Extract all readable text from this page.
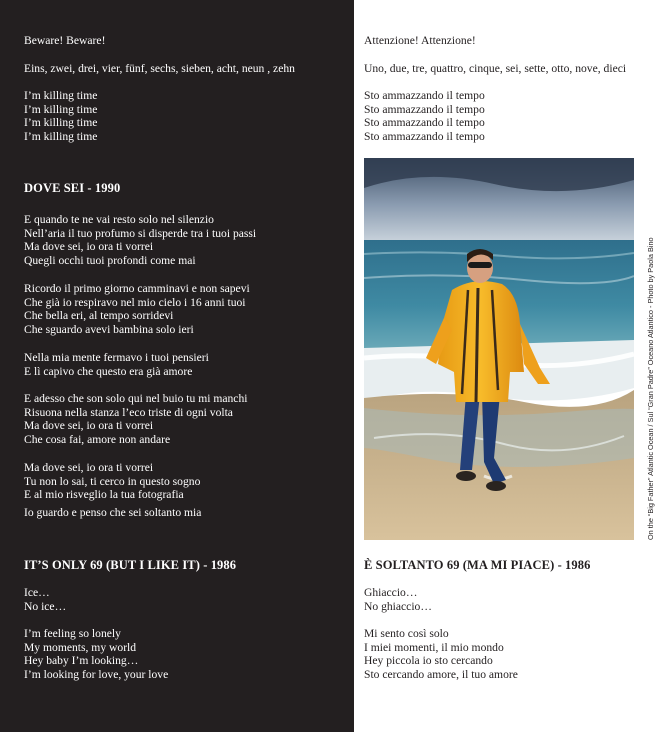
Beware! Beware!
Eins, zwei, drei, vier, fünf, sechs, sieben, acht, neun , zehn
I’m killing time
I’m killing time
I’m killing time
I’m killing time
DOVE SEI - 1990
E quando te ne vai resto solo nel silenzio
Nell’aria il tuo profumo si disperde tra i tuoi passi
Ma dove sei, io ora ti vorrei
Quegli occhi tuoi profondi come mai
Ricordo il primo giorno camminavi e non sapevi
Che già io respiravo nel mio cielo i 16 anni tuoi
Che bella eri, al tempo sorridevi
Che sguardo avevi bambina solo ieri
Nella mia mente fermavo i tuoi pensieri
E lì capivo che questo era già amore
E adesso che son solo qui nel buio tu mi manchi
Risuona nella stanza l’eco triste di ogni volta
Ma dove sei, io ora ti vorrei
Che cosa fai, amore non andare
Ma dove sei, io ora ti vorrei
Tu non lo sai, ti cerco in questo sogno
E al mio risveglio la tua fotografia
Io guardo e penso che sei soltanto mia
IT’S ONLY 69 (BUT I LIKE IT) - 1986
Ice…
No ice…
I’m feeling so lonely
My moments, my world
Hey baby I’m looking…
I’m looking for love, your love
Attenzione! Attenzione!
Uno, due, tre, quattro, cinque, sei, sette, otto, nove, dieci
Sto ammazzando il tempo
Sto ammazzando il tempo
Sto ammazzando il tempo
Sto ammazzando il tempo
È SOLTANTO 69 (MA MI PIACE) - 1986
Ghiaccio…
No ghiaccio…
Mi sento così solo
I miei momenti, il mio mondo
Hey piccola io sto cercando
Sto cercando amore, il tuo amore
On the “Big Father” Atlantic Ocean / Sul “Gran Padre” Oceano Atlantico - Photo by Paola Bino
